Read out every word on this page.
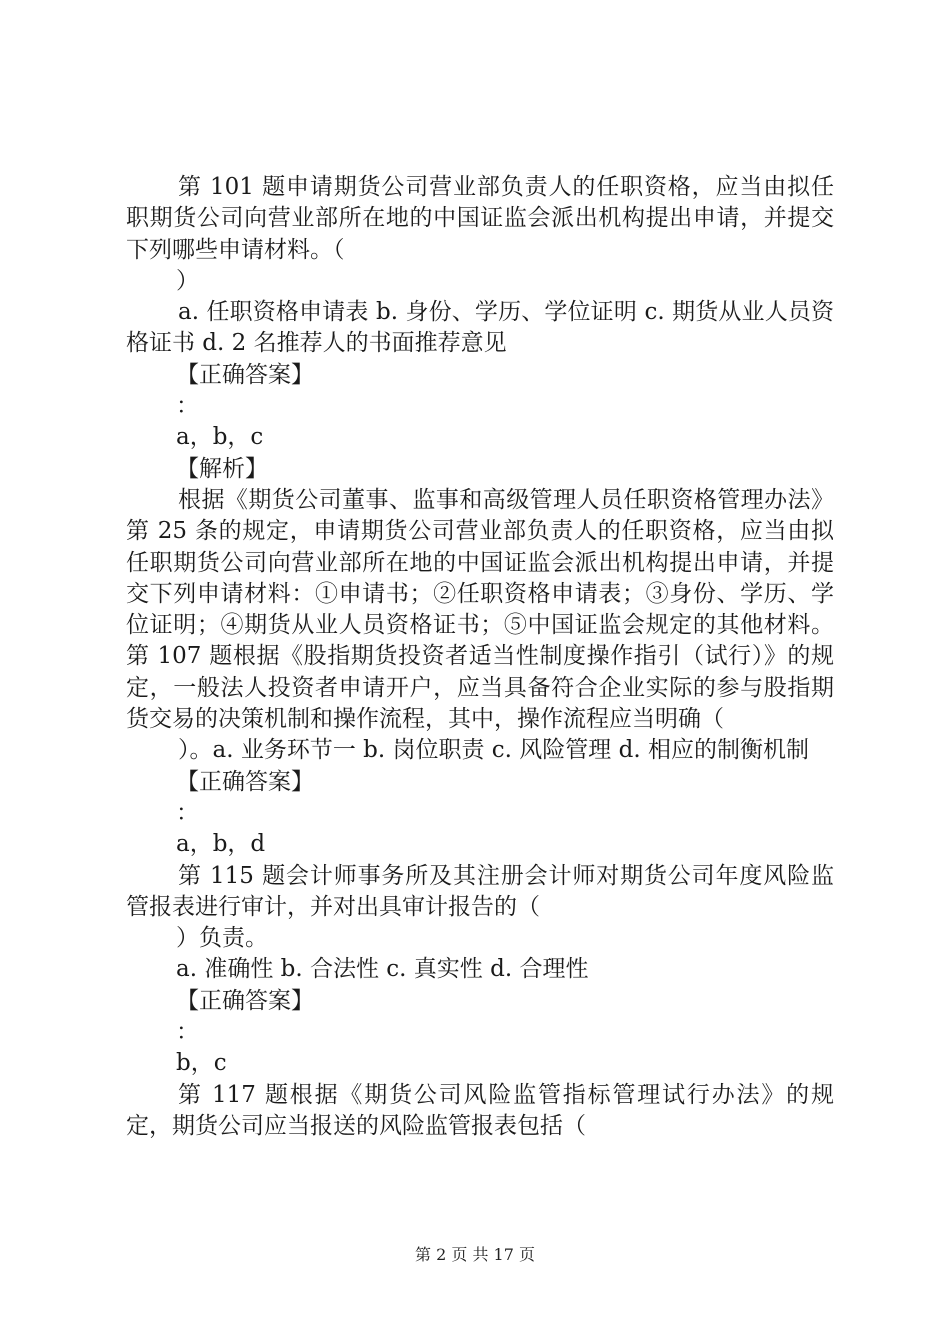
第 101 题申请期货公司营业部负责人的任职资格，应当由拟任职期货公司向营业部所在地的中国证监会派出机构提出申请，并提交下列哪些申请材料。（

）

a. 任职资格申请表 b. 身份、学历、学位证明 c. 期货从业人员资格证书 d. 2 名推荐人的书面推荐意见

【正确答案】

：

a，b，c

【解析】

根据《期货公司董事、监事和高级管理人员任职资格管理办法》第 25 条的规定，申请期货公司营业部负责人的任职资格，应当由拟任职期货公司向营业部所在地的中国证监会派出机构提出申请，并提交下列申请材料：①申请书；②任职资格申请表；③身份、学历、学位证明；④期货从业人员资格证书；⑤中国证监会规定的其他材料。第 107 题根据《股指期货投资者适当性制度操作指引（试行）》的规定，一般法人投资者申请开户，应当具备符合企业实际的参与股指期货交易的决策机制和操作流程，其中，操作流程应当明确（

）。a. 业务环节一 b. 岗位职责 c. 风险管理 d. 相应的制衡机制

【正确答案】

：

a，b，d

第 115 题会计师事务所及其注册会计师对期货公司年度风险监管报表进行审计，并对出具审计报告的（

）负责。

a. 准确性 b. 合法性 c. 真实性 d. 合理性

【正确答案】

：

b，c

第 117 题根据《期货公司风险监管指标管理试行办法》的规定，期货公司应当报送的风险监管报表包括（

第 2 页 共 17 页
